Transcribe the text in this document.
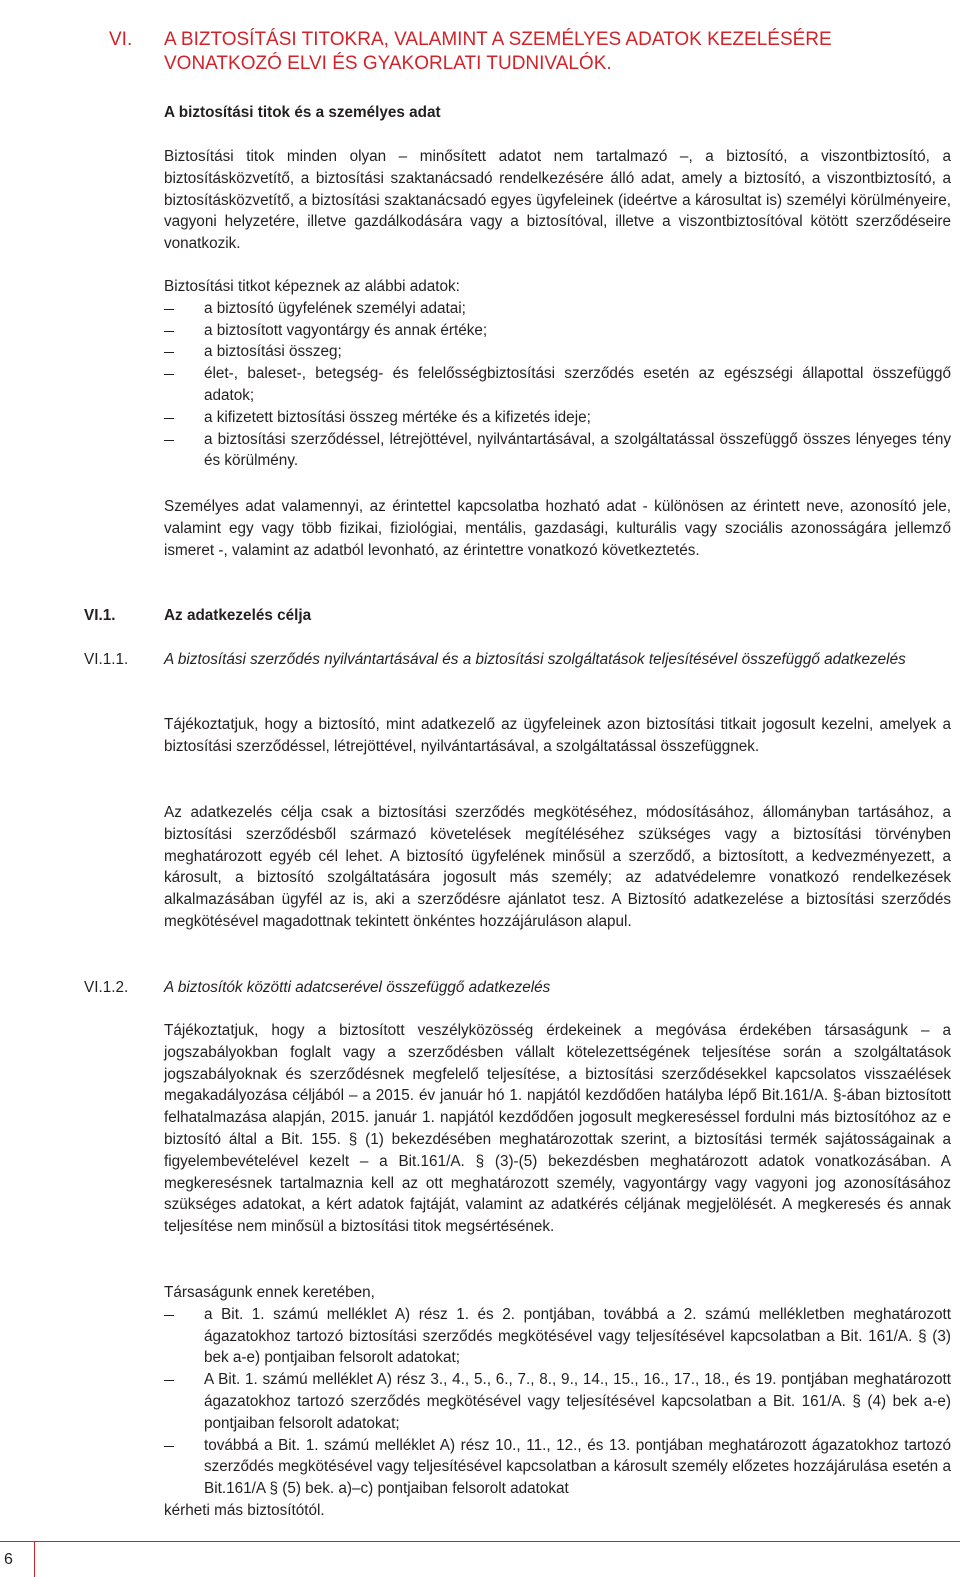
VI. A BIZTOSÍTÁSI TITOKRA, VALAMINT A SZEMÉLYES ADATOK KEZELÉSÉRE VONATKOZÓ ELVI ÉS GYAKORLATI TUDNIVALÓK.
A biztosítási titok és a személyes adat

Biztosítási titok minden olyan – minősített adatot nem tartalmazó –, a biztosító, a viszontbiztosító, a biztosításközvetítő, a biztosítási szaktanácsadó rendelkezésére álló adat, amely a biztosító, a viszontbiztosító, a biztosításközvetítő, a biztosítási szaktanácsadó egyes ügyfeleinek (ideértve a károsultat is) személyi körülményeire, vagyoni helyzetére, illetve gazdálkodására vagy a biztosítóval, illetve a viszontbiztosítóval kötött szerződéseire vonatkozik.

Biztosítási titkot képeznek az alábbi adatok:

a biztosító ügyfelének személyi adatai;
a biztosított vagyontárgy és annak értéke;
a biztosítási összeg;
élet-, baleset-, betegség- és felelősségbiztosítási szerződés esetén az egészségi állapottal összefüggő adatok;
a kifizetett biztosítási összeg mértéke és a kifizetés ideje;
a biztosítási szerződéssel, létrejöttével, nyilvántartásával, a szolgáltatással összefüggő összes lényeges tény és körülmény.

Személyes adat valamennyi, az érintettel kapcsolatba hozható adat - különösen az érintett neve, azonosító jele, valamint egy vagy több fizikai, fiziológiai, mentális, gazdasági, kulturális vagy szociális azonosságára jellemző ismeret -, valamint az adatból levonható, az érintettre vonatkozó következtetés.

VI.1.	Az adatkezelés célja
VI.1.1. A biztosítási szerződés nyilvántartásával és a biztosítási szolgáltatások teljesítésével összefüggő adatkezelés

Tájékoztatjuk, hogy a biztosító, mint adatkezelő az ügyfeleinek azon biztosítási titkait jogosult kezelni, amelyek a biztosítási szerződéssel, létrejöttével, nyilvántartásával, a szolgáltatással összefüggnek.

Az adatkezelés célja csak a biztosítási szerződés megkötéséhez, módosításához, állományban tartásához, a biztosítási szerződésből származó követelések megítéléséhez szükséges vagy a biztosítási törvényben meghatározott egyéb cél lehet. A biztosító ügyfelének minősül a szerződő, a biztosított, a kedvezményezett, a károsult, a biztosító szolgáltatására jogosult más személy; az adatvédelemre vonatkozó rendelkezések alkalmazásában ügyfél az is, aki a szerződésre ajánlatot tesz. A Biztosító adatkezelése a biztosítási szerződés megkötésével magadottnak tekintett önkéntes hozzájáruláson alapul.

VI.1.2. A biztosítók közötti adatcserével összefüggő adatkezelés

Tájékoztatjuk, hogy a biztosított veszélyközösség érdekeinek a megóvása érdekében társaságunk – a jogszabályokban foglalt vagy a szerződésben vállalt kötelezettségének teljesítése során a szolgáltatások jogszabályoknak és szerződésnek megfelelő teljesítése, a biztosítási szerződésekkel kapcsolatos visszaélések megakadályozása céljából – a 2015. év január hó 1. napjától kezdődően hatályba lépő Bit.161/A. §-ában biztosított felhatalmazása alapján, 2015. január 1. napjától kezdődően jogosult megkereséssel fordulni más biztosítóhoz az e biztosító által a Bit. 155. § (1) bekezdésében meghatározottak szerint, a biztosítási termék sajátosságainak a figyelembevételével kezelt – a Bit.161/A. § (3)-(5) bekezdésben meghatározott adatok vonatkozásában. A megkeresésnek tartalmaznia kell az ott meghatározott személy, vagyontárgy vagy vagyoni jog azonosításához szükséges adatokat, a kért adatok fajtáját, valamint az adatkérés céljának megjelölését. A megkeresés és annak teljesítése nem minősül a biztosítási titok megsértésének.

Társaságunk ennek keretében,

a Bit. 1. számú melléklet A) rész 1. és 2. pontjában, továbbá a 2. számú mellékletben meghatározott ágazatokhoz tartozó biztosítási szerződés megkötésével vagy teljesítésével kapcsolatban a Bit. 161/A. § (3) bek a-e) pontjaiban felsorolt adatokat;
A Bit. 1. számú melléklet A) rész 3., 4., 5., 6., 7., 8., 9., 14., 15., 16., 17., 18., és 19. pontjában meghatározott ágazatokhoz tartozó szerződés megkötésével vagy teljesítésével kapcsolatban a Bit. 161/A. § (4) bek a-e) pontjaiban felsorolt adatokat;
továbbá a Bit. 1. számú melléklet A) rész 10., 11., 12., és 13. pontjában meghatározott ágazatokhoz tartozó szerződés megkötésével vagy teljesítésével kapcsolatban a károsult személy előzetes hozzájárulása esetén a Bit.161/A § (5) bek. a)–c) pontjaiban felsorolt adatokat

kérheti más biztosítótól.

6
